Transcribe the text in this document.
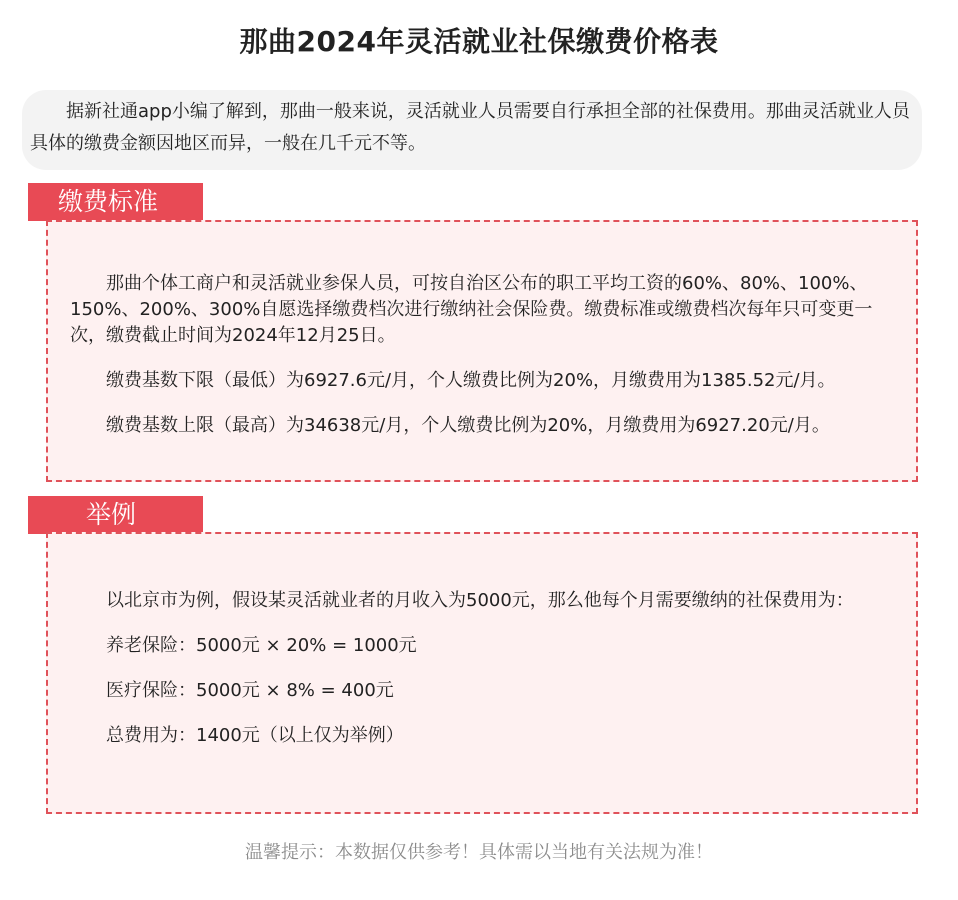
那曲2024年灵活就业社保缴费价格表

据新社通app小编了解到，那曲一般来说，灵活就业人员需要自行承担全部的社保费用。那曲灵活就业人员具体的缴费金额因地区而异，一般在几千元不等。

缴费标准

那曲个体工商户和灵活就业参保人员，可按自治区公布的职工平均工资的60%、80%、100%、150%、200%、300%自愿选择缴费档次进行缴纳社会保险费。缴费标准或缴费档次每年只可变更一次，缴费截止时间为2024年12月25日。

缴费基数下限（最低）为6927.6元/月，个人缴费比例为20%，月缴费用为1385.52元/月。

缴费基数上限（最高）为34638元/月，个人缴费比例为20%，月缴费用为6927.20元/月。

举例

以北京市为例，假设某灵活就业者的月收入为5000元，那么他每个月需要缴纳的社保费用为：

养老保险：5000元 × 20% = 1000元

医疗保险：5000元 × 8% = 400元

总费用为：1400元（以上仅为举例）

温馨提示：本数据仅供参考！具体需以当地有关法规为准！
